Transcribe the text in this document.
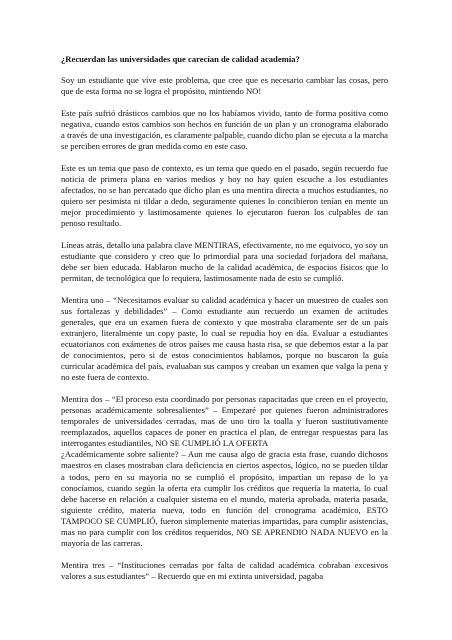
¿Recuerdan las universidades que carecían de calidad academia?

Soy un estudiante que vive este problema, que cree que es necesario cambiar las cosas, pero que de esta forma no se logra el propósito, mintiendo NO!

Este país sufrió drásticos cambios que no los habíamos vivido, tanto de forma positiva como negativa, cuando estos cambios son hechos en función de un plan y un cronograma elaborado a través de una investigación, es claramente palpable, cuando dicho plan se ejecuta a la marcha se perciben errores de gran medida como en este caso.

Este es un tema que paso de contexto, es un tema que quedo en el pasado, según recuerdo fue noticia de primera plana en varios medios y hoy no hay quien escuche a los estudiantes afectados, no se han percatado que dicho plan es una mentira directa a muchos estudiantes, no quiero ser pesimista ni tildar a dedo, seguramente quienes lo concibieron tenían en mente un mejor procedimiento y lastimosamente quienes lo ejecutaron fueron los culpables de tan penoso resultado.

Líneas atrás, detallo una palabra clave MENTIRAS, efectivamente, no me equivoco, yo soy un estudiante que considero y creo que lo primordial para una sociedad forjadora del mañana, debe ser bien educada. Hablaron mucho de la calidad académica, de espacios físicos que lo permitan, de tecnológica que lo requiera, lastimosamente nada de esto se cumplió.

Mentira uno – “Necesitamos evaluar su calidad académica y hacer un muestreo de cuales son sus fortalezas y debilidades” – Como estudiante aun recuerdo un examen de actitudes generales, que era un examen fuera de contexto y que mostraba claramente ser de un país extranjero, literalmente un copy paste, lo cual se repudia hoy en día. Evaluar a estudiantes ecuatorianos con exámenes de otros países me causa hasta risa, se que debemos estar a la par de conocimientos, pero si de estos conocimientos hablamos, porque no buscaron la guía curricular académica del país, evaluaban sus campos y creaban un examen que valga la pena y no este fuera de contexto.

Mentira dos – “El proceso esta coordinado por personas capacitadas que creen en el proyecto, personas académicamente sobresalientes” – Empezaré por quienes fueron administradores temporales de universidades cerradas, mas de uno tiro la toalla y fueron sustitutivamente reemplazados, aquellos capaces de poner en practica el plan, de entregar respuestas para las interrogantes estudiantiles, NO SE CUMPLIÓ LA OFERTA

¿Académicamente sobre saliente? – Aun me causa algo de gracia esta frase, cuando dichosos maestros en clases mostraban clara deficiencia en ciertos aspectos, lógico, no se pueden tildar a todos, pero en su mayoría no se cumplió el propósito, impartían un repaso de lo ya conocíamos, cuando según la oferta era cumplir los créditos que requería la materia, lo cual debe hacerse en relación a cualquier sistema en el mundo, materia aprobada, materia pasada, siguiente crédito, materia nueva, todo en función del cronograma académico, ESTO TAMPOCO SE CUMPLIÓ, fueron simplemente materias impartidas, para cumplir asistencias, mas no para cumplir con los créditos requeridos, NO SE APRENDIO NADA NUEVO en la mayoría de las carreras.

Mentira tres – “Instituciones cerradas por falta de calidad académica cobraban excesivos valores a sus estudiantes” – Recuerdo que en mi extinta universidad, pagaba
